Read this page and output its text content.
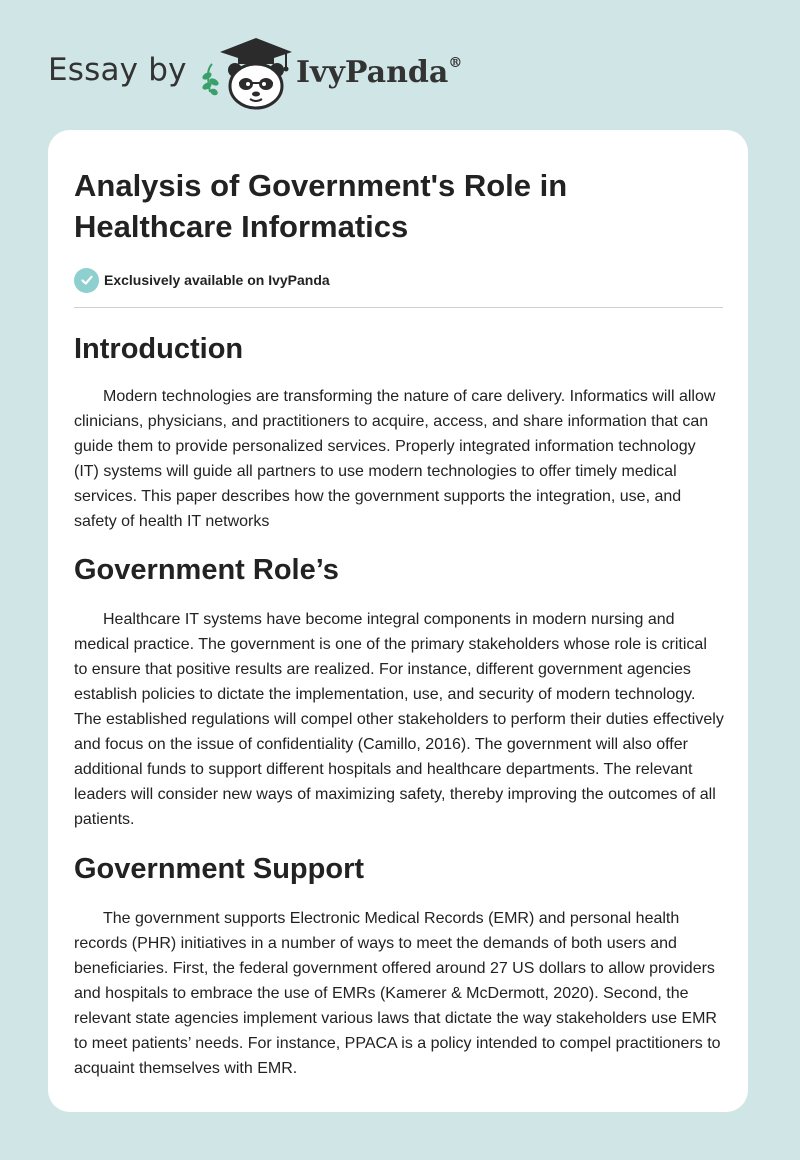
Essay by	IvyPanda®
Analysis of Government's Role in Healthcare Informatics
Exclusively available on IvyPanda
Introduction

Modern technologies are transforming the nature of care delivery. Informatics will allow clinicians, physicians, and practitioners to acquire, access, and share information that can guide them to provide personalized services. Properly integrated information technology (IT) systems will guide all partners to use modern technologies to offer timely medical services. This paper describes how the government supports the integration, use, and safety of health IT networks

Government Role’s

Healthcare IT systems have become integral components in modern nursing and medical practice. The government is one of the primary stakeholders whose role is critical to ensure that positive results are realized. For instance, different government agencies establish policies to dictate the implementation, use, and security of modern technology. The established regulations will compel other stakeholders to perform their duties effectively and focus on the issue of confidentiality (Camillo, 2016). The government will also offer additional funds to support different hospitals and healthcare departments. The relevant leaders will consider new ways of maximizing safety, thereby improving the outcomes of all patients.

Government Support

The government supports Electronic Medical Records (EMR) and personal health records (PHR) initiatives in a number of ways to meet the demands of both users and beneficiaries. First, the federal government offered around 27 US dollars to allow providers and hospitals to embrace the use of EMRs (Kamerer & McDermott, 2020). Second, the relevant state agencies implement various laws that dictate the way stakeholders use EMR to meet patients’ needs. For instance, PPACA is a policy intended to compel practitioners to acquaint themselves with EMR.
